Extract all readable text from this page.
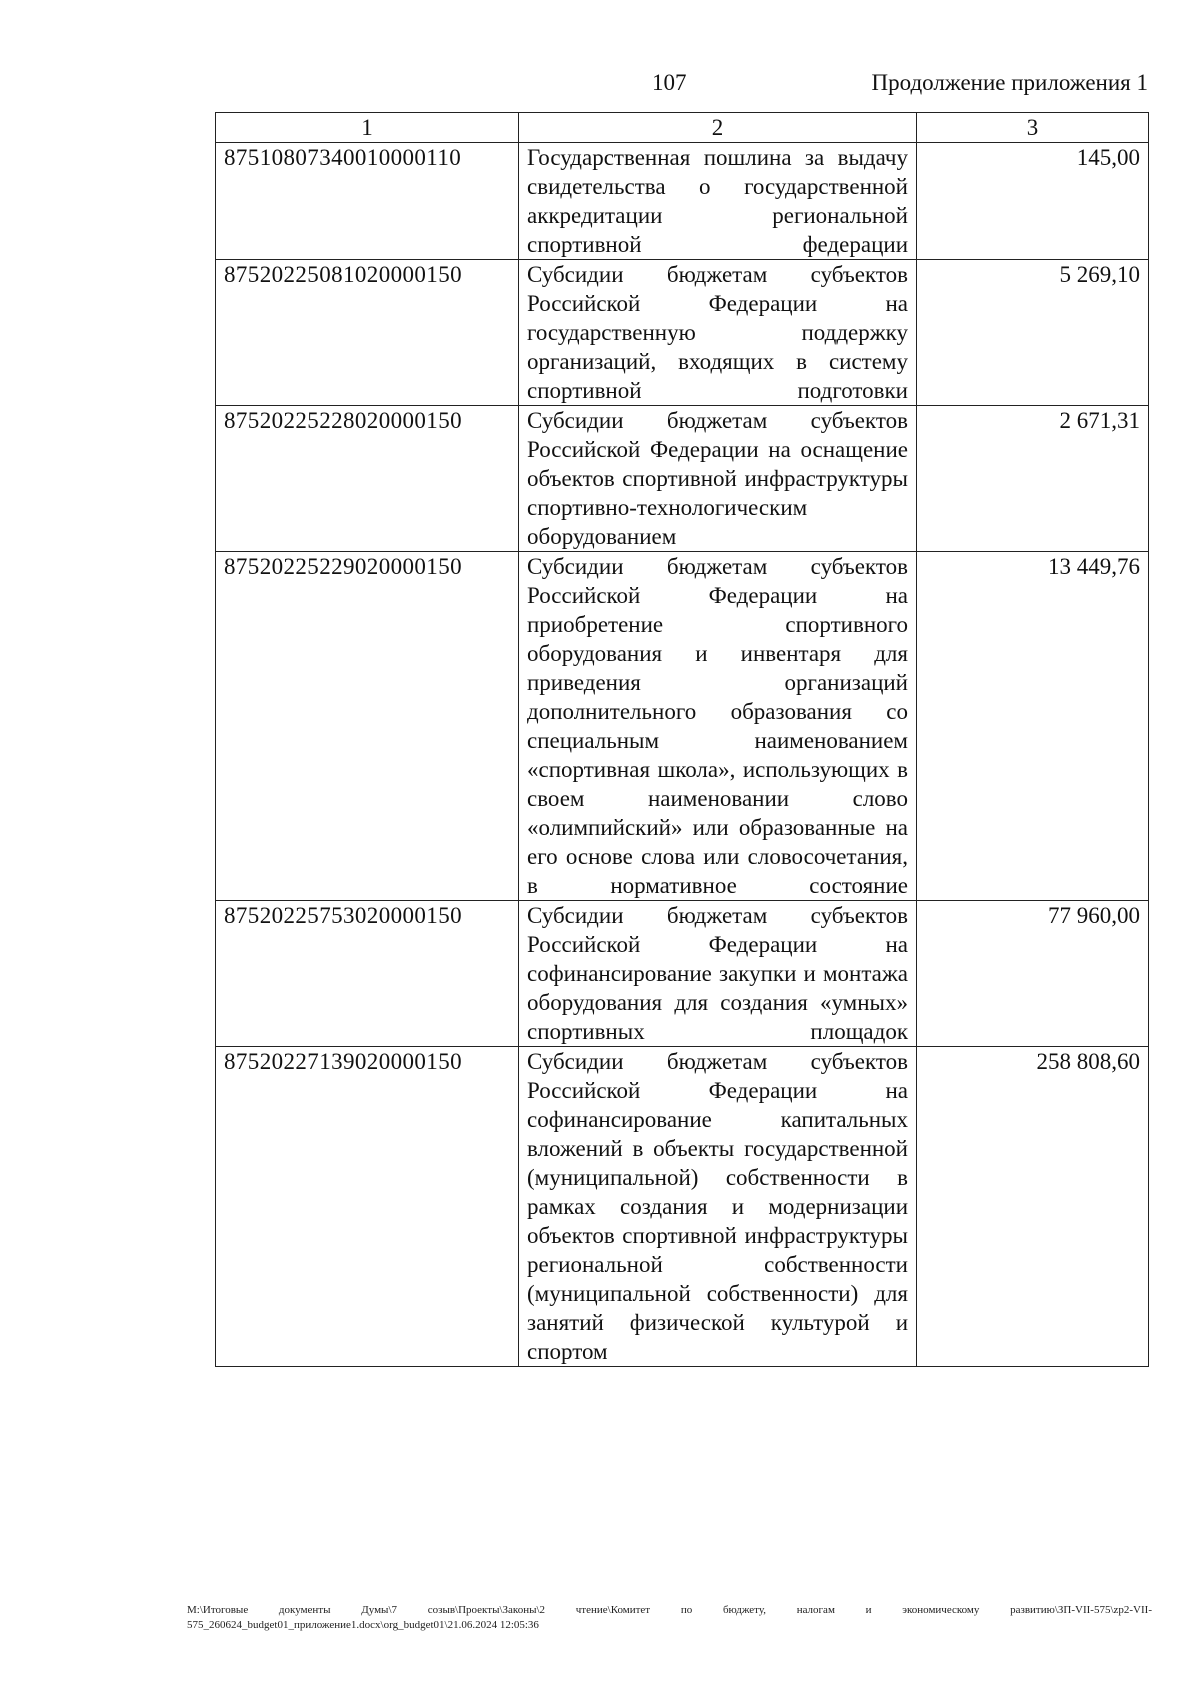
107	Продолжение приложения 1
1	2	3
87510807340010000110	Государственная пошлина за выдачу свидетельства о государственной аккредитации региональной спортивной федерации	145,00
87520225081020000150	Субсидии бюджетам субъектов Российской Федерации на государственную поддержку организаций, входящих в систему спортивной подготовки	5 269,10
87520225228020000150	Субсидии бюджетам субъектов Российской Федерации на оснащение объектов спортивной инфраструктуры спортивно-технологическим оборудованием	2 671,31
87520225229020000150	Субсидии бюджетам субъектов Российской Федерации на приобретение спортивного оборудования и инвентаря для приведения организаций дополнительного образования со специальным наименованием «спортивная школа», использующих в своем наименовании слово «олимпийский» или образованные на его основе слова или словосочетания, в нормативное состояние	13 449,76
87520225753020000150	Субсидии бюджетам субъектов Российской Федерации на софинансирование закупки и монтажа оборудования для создания «умных» спортивных площадок	77 960,00
87520227139020000150	Субсидии бюджетам субъектов Российской Федерации на софинансирование капитальных вложений в объекты государственной (муниципальной) собственности в рамках создания и модернизации объектов спортивной инфраструктуры региональной собственности (муниципальной собственности) для занятий физической культурой и спортом	258 808,60
M:\Итоговые документы Думы\7 созыв\Проекты\Законы\2 чтение\Комитет по бюджету, налогам и экономическому развитию\ЗП-VII-575\zp2-VII-575_260624_budget01_приложение1.docx\org_budget01\21.06.2024 12:05:36
